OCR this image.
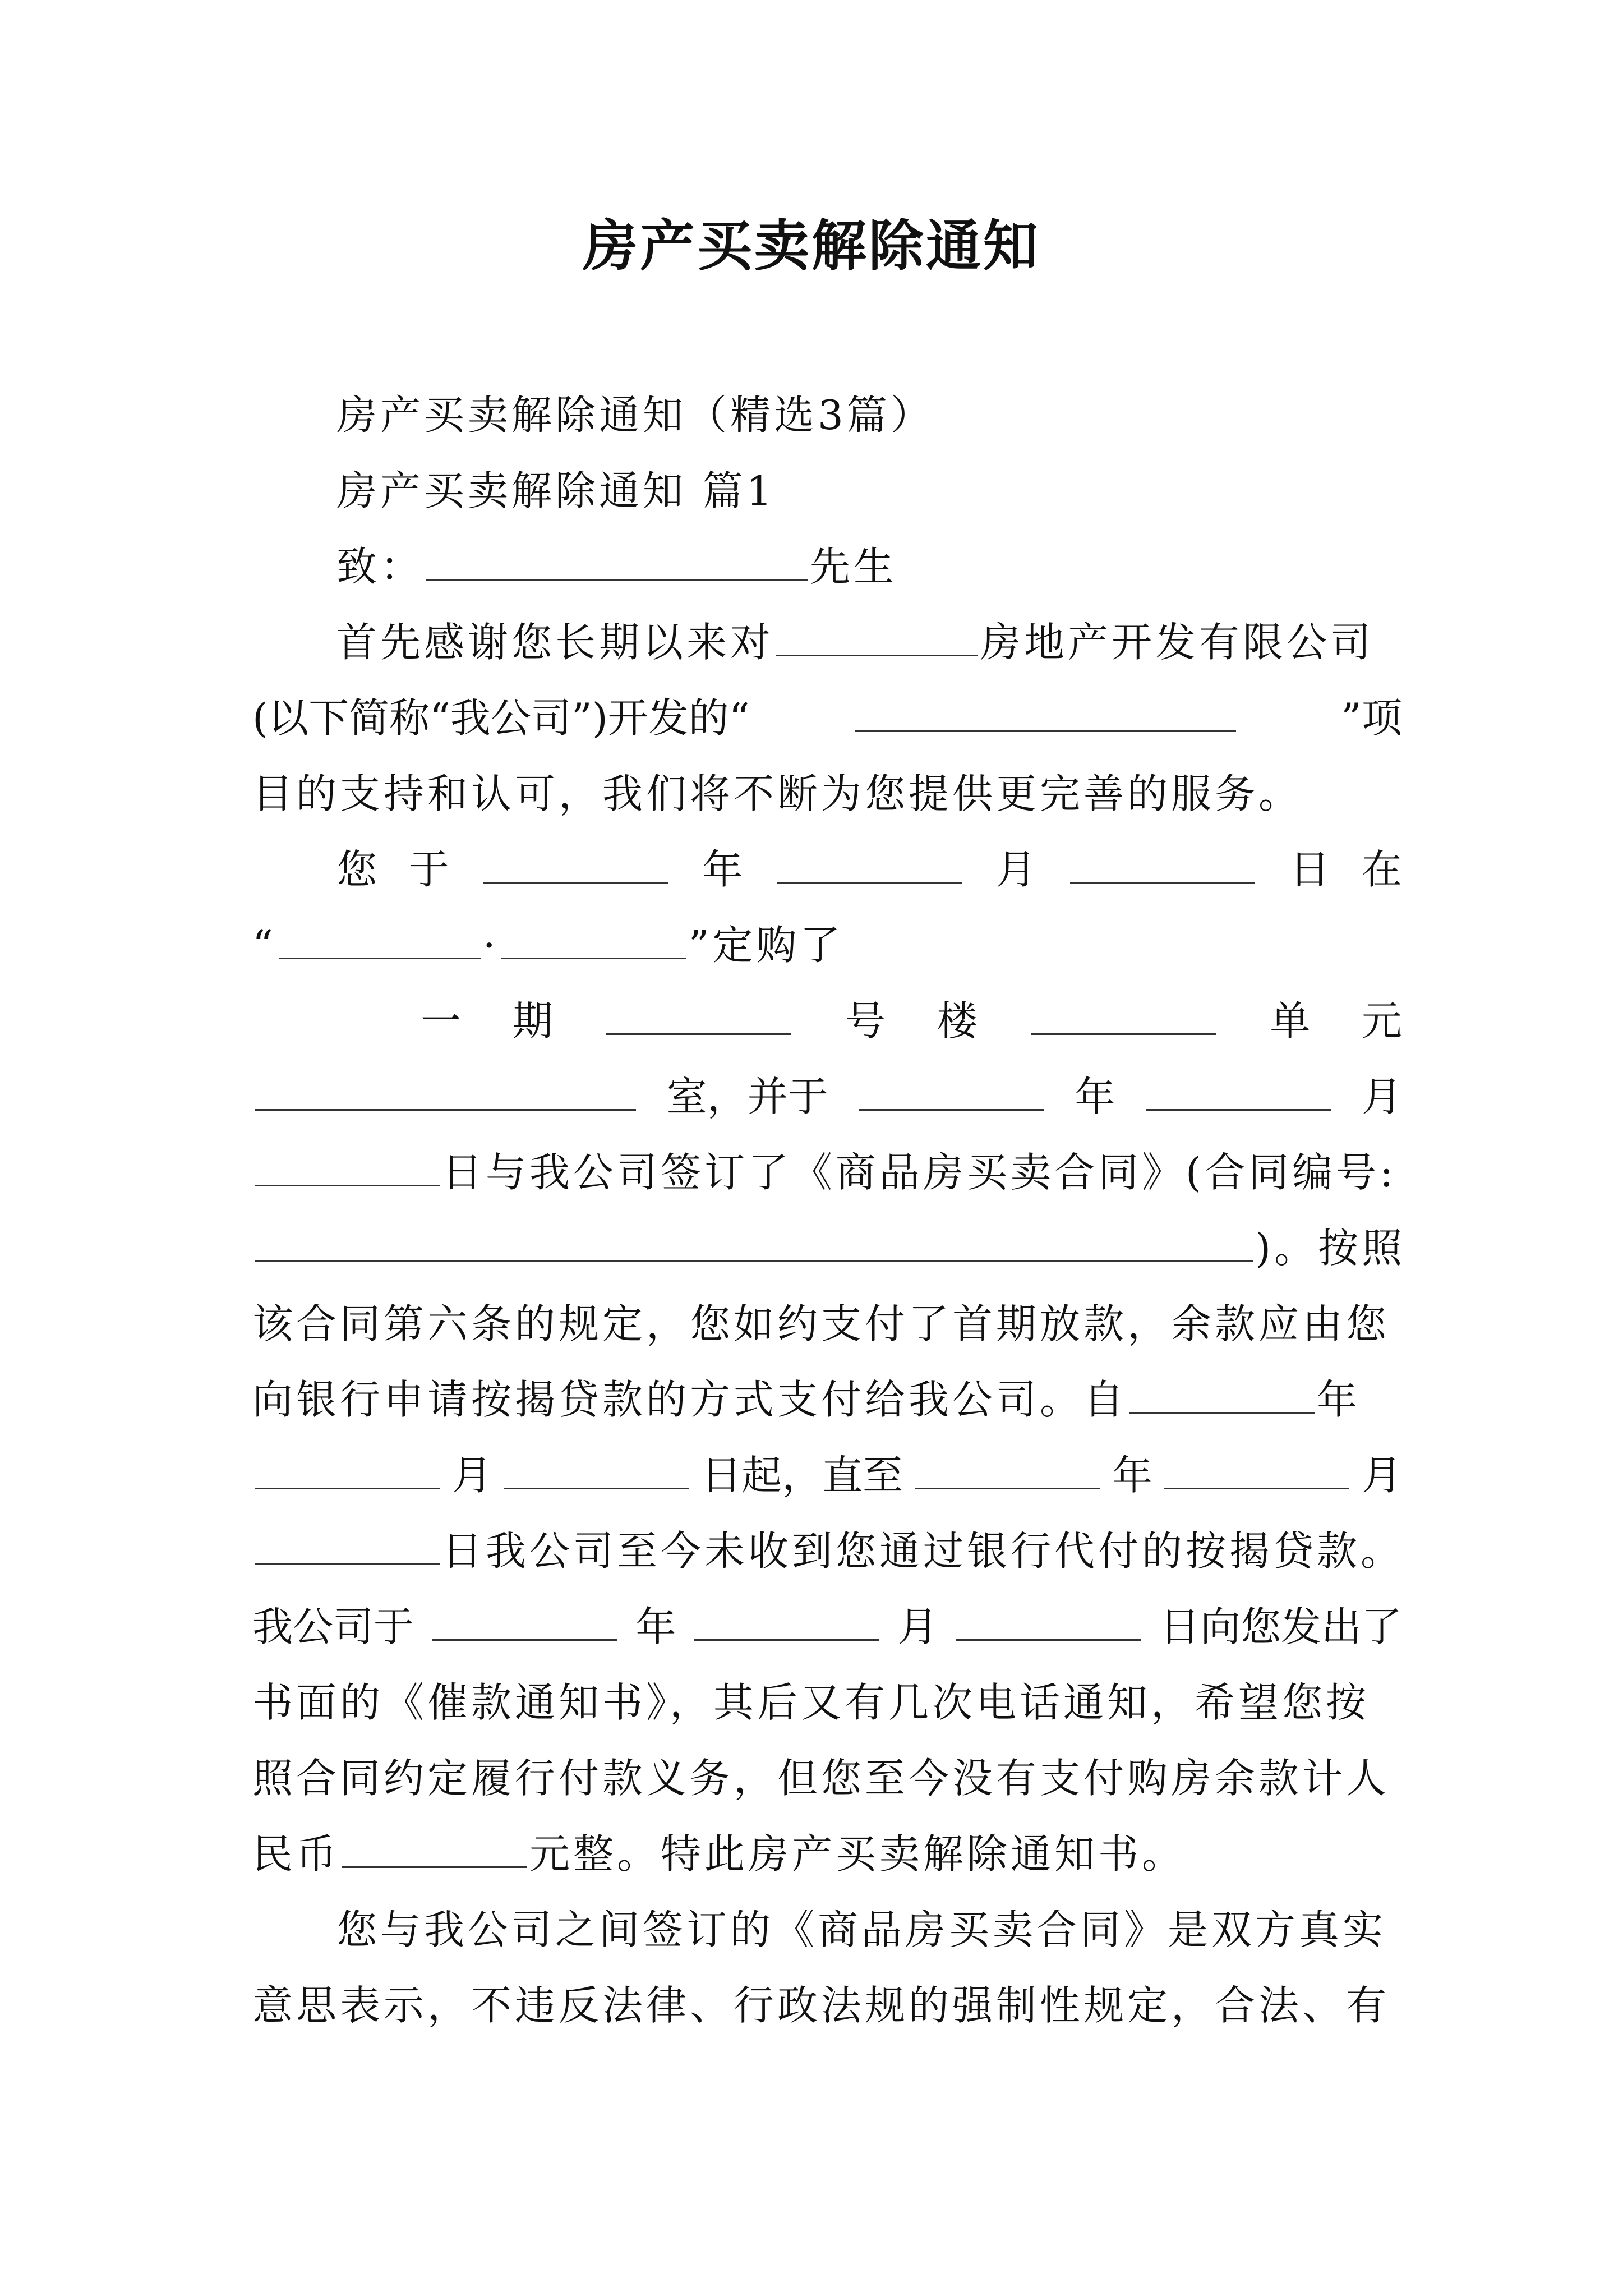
房产买卖解除通知
房产买卖解除通知（精选3篇）
房产买卖解除通知 篇1
致：	先生
首先感谢您长期以来对	房地产开发有限公司
(以下简称“我公司”)开发的“	”项
目的支持和认可，我们将不断为您提供更完善的服务。
您 于	年	月	日 在
“	·	”定购了
一 期	号 楼	单 元
室，并于	年	月
日与我公司签订了《商品房买卖合同》(合同编号:
)。按照
该合同第六条的规定，您如约支付了首期放款，余款应由您
向银行申请按揭贷款的方式支付给我公司。自	年
月	日起，直至	年	月
日我公司至今未收到您通过银行代付的按揭贷款。
我公司于	年	月	日向您发出了
书面的《催款通知书》，其后又有几次电话通知，希望您按
照合同约定履行付款义务，但您至今没有支付购房余款计人
民币	元整。特此房产买卖解除通知书。
您与我公司之间签订的《商品房买卖合同》是双方真实
意思表示，不违反法律、行政法规的强制性规定，合法、有
